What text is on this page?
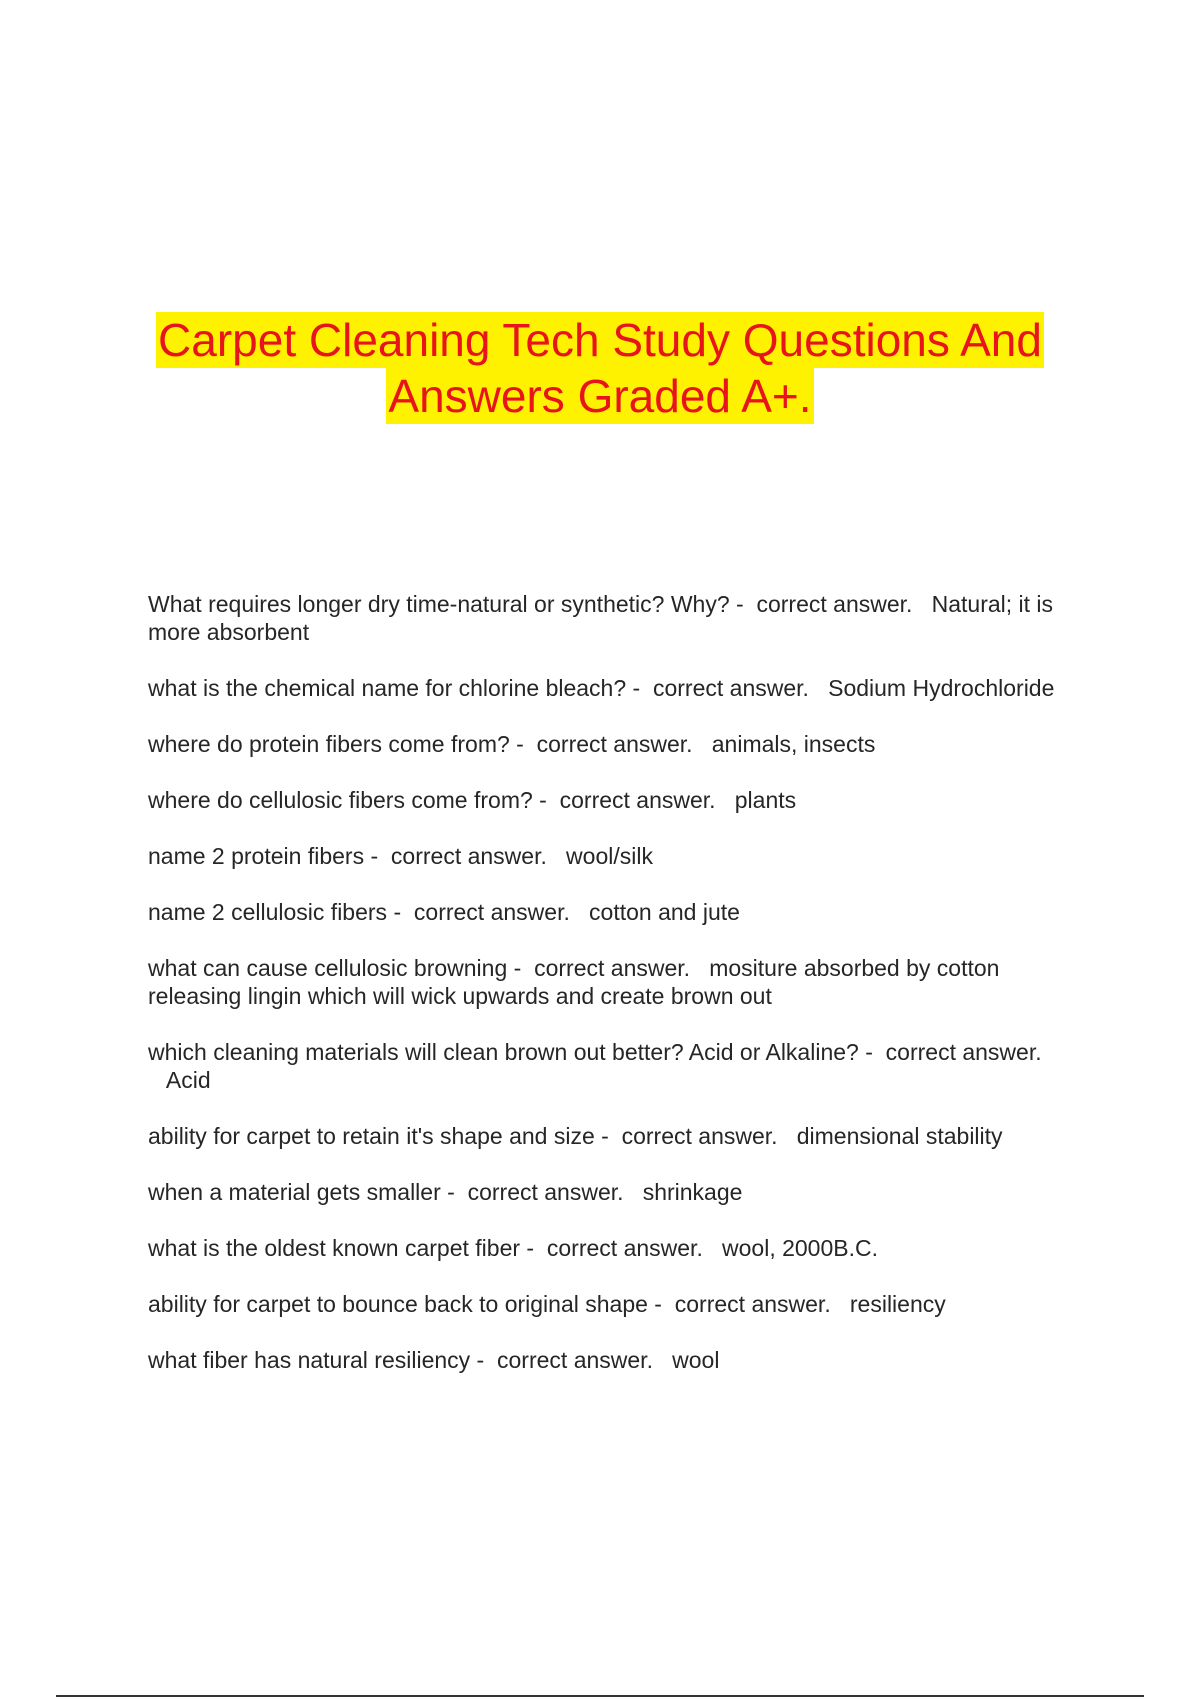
Carpet Cleaning Tech Study Questions And
Answers Graded A+.
What requires longer dry time-natural or synthetic? Why? -  correct answer. Natural; it is more absorbent
what is the chemical name for chlorine bleach? -  correct answer. Sodium Hydrochloride
where do protein fibers come from? -  correct answer. animals, insects
where do cellulosic fibers come from? -  correct answer. plants
name 2 protein fibers -  correct answer. wool/silk
name 2 cellulosic fibers -  correct answer. cotton and jute
what can cause cellulosic browning -  correct answer. mositure absorbed by cotton releasing lingin which will wick upwards and create brown out
which cleaning materials will clean brown out better? Acid or Alkaline? -  correct answer.   Acid
ability for carpet to retain it's shape and size -  correct answer. dimensional stability
when a material gets smaller -  correct answer. shrinkage
what is the oldest known carpet fiber -  correct answer. wool, 2000B.C.
ability for carpet to bounce back to original shape -  correct answer. resiliency
what fiber has natural resiliency -  correct answer. wool
